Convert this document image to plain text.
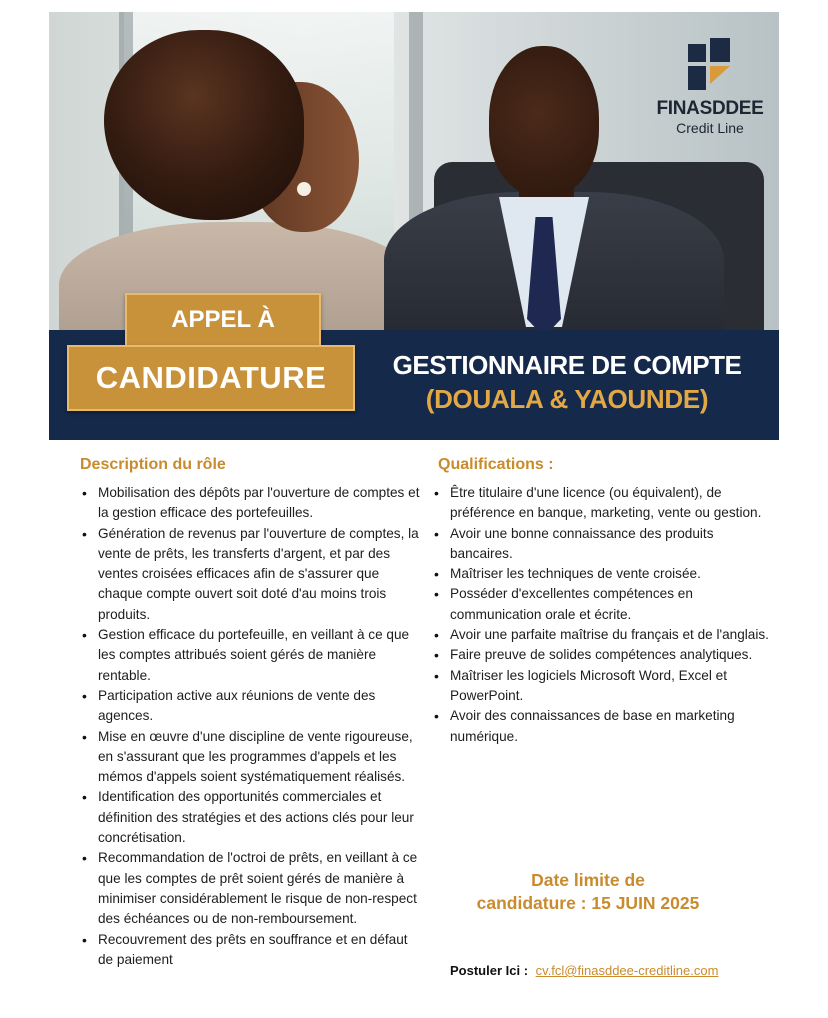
FINASDDEE
Credit Line
APPEL À
CANDIDATURE	GESTIONNAIRE DE COMPTE
(DOUALA & YAOUNDE)
Description du rôle
• Mobilisation des dépôts par l'ouverture de comptes et la gestion efficace des portefeuilles.
• Génération de revenus par l'ouverture de comptes, la vente de prêts, les transferts d'argent, et par des ventes croisées efficaces afin de s'assurer que chaque compte ouvert soit doté d'au moins trois produits.
• Gestion efficace du portefeuille, en veillant à ce que les comptes attribués soient gérés de manière rentable.
• Participation active aux réunions de vente des agences.
• Mise en œuvre d'une discipline de vente rigoureuse, en s'assurant que les programmes d'appels et les mémos d'appels soient systématiquement réalisés.
• Identification des opportunités commerciales et définition des stratégies et des actions clés pour leur concrétisation.
• Recommandation de l'octroi de prêts, en veillant à ce que les comptes de prêt soient gérés de manière à minimiser considérablement le risque de non-respect des échéances ou de non-remboursement.
• Recouvrement des prêts en souffrance et en défaut de paiement
Qualifications :
• Être titulaire d'une licence (ou équivalent), de préférence en banque, marketing, vente ou gestion.
• Avoir une bonne connaissance des produits bancaires.
• Maîtriser les techniques de vente croisée.
• Posséder d'excellentes compétences en communication orale et écrite.
• Avoir une parfaite maîtrise du français et de l'anglais.
• Faire preuve de solides compétences analytiques.
• Maîtriser les logiciels Microsoft Word, Excel et PowerPoint.
• Avoir des connaissances de base en marketing numérique.
Date limite de
candidature : 15 JUIN 2025
Postuler Ici : cv.fcl@finasddee-creditline.com
